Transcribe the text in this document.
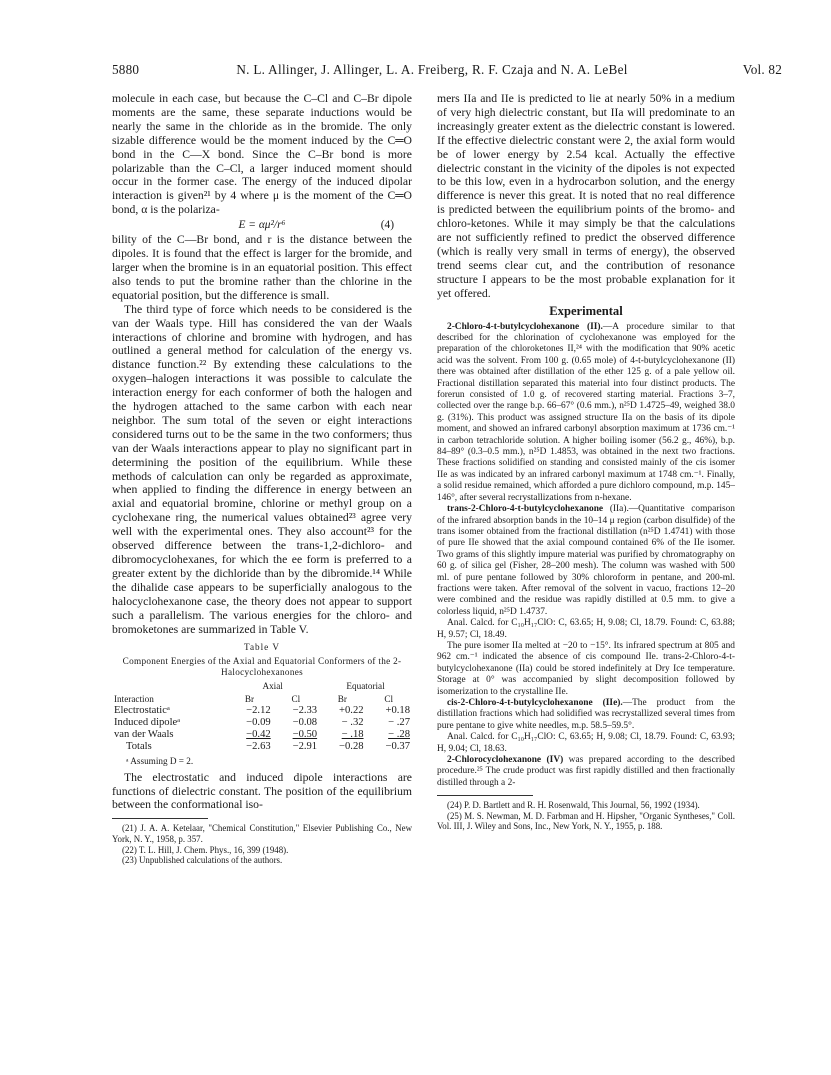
5880	N. L. Allinger, J. Allinger, L. A. Freiberg, R. F. Czaja and N. A. LeBel	Vol. 82

molecule in each case, but because the C–Cl and C–Br dipole moments are the same, these separate inductions would be nearly the same in the chloride as in the bromide. The only sizable difference would be the moment induced by the C═O bond in the C—X bond. Since the C–Br bond is more polarizable than the C–Cl, a larger induced moment should occur in the former case. The energy of the induced dipolar interaction is given²¹ by 4 where μ is the moment of the C═O bond, α is the polariza-

E = αμ²/r⁶	(4)

bility of the C—Br bond, and r is the distance between the dipoles. It is found that the effect is larger for the bromide, and larger when the bromine is in an equatorial position. This effect also tends to put the bromine rather than the chlorine in the equatorial position, but the difference is small.

The third type of force which needs to be considered is the van der Waals type. Hill has considered the van der Waals interactions of chlorine and bromine with hydrogen, and has outlined a general method for calculation of the energy vs. distance function.²² By extending these calculations to the oxygen–halogen interactions it was possible to calculate the interaction energy for each conformer of both the halogen and the hydrogen attached to the same carbon with each near neighbor. The sum total of the seven or eight interactions considered turns out to be the same in the two conformers; thus van der Waals interactions appear to play no significant part in determining the position of the equilibrium. While these methods of calculation can only be regarded as approximate, when applied to finding the difference in energy between an axial and equatorial bromine, chlorine or methyl group on a cyclohexane ring, the numerical values obtained²³ agree very well with the experimental ones. They also account²³ for the observed difference between the trans-1,2-dichloro- and dibromocyclohexanes, for which the ee form is preferred to a greater extent by the dichloride than by the dibromide.¹⁴ While the dihalide case appears to be superficially analogous to the halocyclohexanone case, the theory does not appear to support such a parallelism. The various energies for the chloro- and bromoketones are summarized in Table V.

Table V
Component Energies of the Axial and Equatorial Conformers of the 2-Halocyclohexanones
	Axial		Equatorial	
Interaction	Br	Cl	Br	Cl
Electrostaticᵃ	−2.12	−2.33	+0.22	+0.18
Induced dipoleᵃ	−0.09	−0.08	− .32	− .27
van der Waals	−0.42	−0.50	− .18	− .28
Totals	−2.63	−2.91	−0.28	−0.37
ᵃ Assuming D = 2.

The electrostatic and induced dipole interactions are functions of dielectric constant. The position of the equilibrium between the conformational iso-

(21) J. A. A. Ketelaar, "Chemical Constitution," Elsevier Publishing Co., New York, N. Y., 1958, p. 357.

(22) T. L. Hill, J. Chem. Phys., 16, 399 (1948).

(23) Unpublished calculations of the authors.

mers IIa and IIe is predicted to lie at nearly 50% in a medium of very high dielectric constant, but IIa will predominate to an increasingly greater extent as the dielectric constant is lowered. If the effective dielectric constant were 2, the axial form would be of lower energy by 2.54 kcal. Actually the effective dielectric constant in the vicinity of the dipoles is not expected to be this low, even in a hydrocarbon solution, and the energy difference is never this great. It is noted that no real difference is predicted between the equilibrium points of the bromo- and chloro-ketones. While it may simply be that the calculations are not sufficiently refined to predict the observed difference (which is really very small in terms of energy), the observed trend seems clear cut, and the contribution of resonance structure I appears to be the most probable explanation for it yet offered.

Experimental

2-Chloro-4-t-butylcyclohexanone (II).—A procedure similar to that described for the chlorination of cyclohexanone was employed for the preparation of the chloroketones II,²⁴ with the modification that 90% acetic acid was the solvent. From 100 g. (0.65 mole) of 4-t-butylcyclohexanone (II) there was obtained after distillation of the ether 125 g. of a pale yellow oil. Fractional distillation separated this material into four distinct products. The forerun consisted of 1.0 g. of recovered starting material. Fractions 3–7, collected over the range b.p. 66–67° (0.6 mm.), n²⁵D 1.4725–49, weighed 38.0 g. (31%). This product was assigned structure IIa on the basis of its dipole moment, and showed an infrared carbonyl absorption maximum at 1736 cm.⁻¹ in carbon tetrachloride solution. A higher boiling isomer (56.2 g., 46%), b.p. 84–89° (0.3–0.5 mm.), n²⁵D 1.4853, was obtained in the next two fractions. These fractions solidified on standing and consisted mainly of the cis isomer IIe as was indicated by an infrared carbonyl maximum at 1748 cm.⁻¹. Finally, a solid residue remained, which afforded a pure dichloro compound, m.p. 145–146°, after several recrystallizations from n-hexane.

trans-2-Chloro-4-t-butylcyclohexanone (IIa).—Quantitative comparison of the infrared absorption bands in the 10–14 μ region (carbon disulfide) of the trans isomer obtained from the fractional distillation (n²⁵D 1.4741) with those of pure IIe showed that the axial compound contained 6% of the IIe isomer. Two grams of this slightly impure material was purified by chromatography on 60 g. of silica gel (Fisher, 28–200 mesh). The column was washed with 500 ml. of pure pentane followed by 30% chloroform in pentane, and 200-ml. fractions were taken. After removal of the solvent in vacuo, fractions 12–20 were combined and the residue was rapidly distilled at 0.5 mm. to give a colorless liquid, n²⁵D 1.4737.

Anal. Calcd. for C₁₀H₁₇ClO: C, 63.65; H, 9.08; Cl, 18.79. Found: C, 63.88; H, 9.57; Cl, 18.49.

The pure isomer IIa melted at −20 to −15°. Its infrared spectrum at 805 and 962 cm.⁻¹ indicated the absence of cis compound IIe. trans-2-Chloro-4-t-butylcyclohexanone (IIa) could be stored indefinitely at Dry Ice temperature. Storage at 0° was accompanied by slight decomposition followed by isomerization to the crystalline IIe.

cis-2-Chloro-4-t-butylcyclohexanone (IIe).—The product from the distillation fractions which had solidified was recrystallized several times from pure pentane to give white needles, m.p. 58.5–59.5°.

Anal. Calcd. for C₁₀H₁₇ClO: C, 63.65; H, 9.08; Cl, 18.79. Found: C, 63.93; H, 9.04; Cl, 18.63.

2-Chlorocyclohexanone (IV) was prepared according to the described procedure.²⁵ The crude product was first rapidly distilled and then fractionally distilled through a 2-

(24) P. D. Bartlett and R. H. Rosenwald, This Journal, 56, 1992 (1934).

(25) M. S. Newman, M. D. Farbman and H. Hipsher, "Organic Syntheses," Coll. Vol. III, J. Wiley and Sons, Inc., New York, N. Y., 1955, p. 188.
